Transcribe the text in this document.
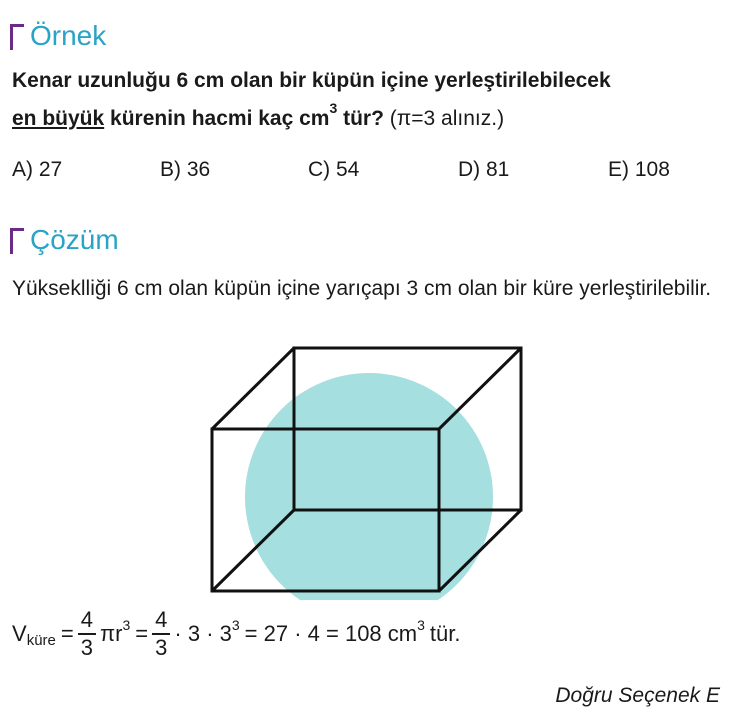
Örnek
Kenar uzunluğu 6 cm olan bir küpün içine yerleştirilebilecek
en büyük kürenin hacmi kaç $cm^3$ tür? (π=3 alınız.)
A) 27	B) 36	C) 54	D) 81	E) 108
Çözüm
Yükseklliği 6 cm olan küpün içine yarıçapı 3 cm olan bir küre yerleştirilebilir.
V küre = $\frac{4}{3}$ πr $3 = \frac{4}{3} \cdot 3 \cdot 3$ 3 = 27 · 4 = 108 cm 3 tür.
Doğru Seçenek E
